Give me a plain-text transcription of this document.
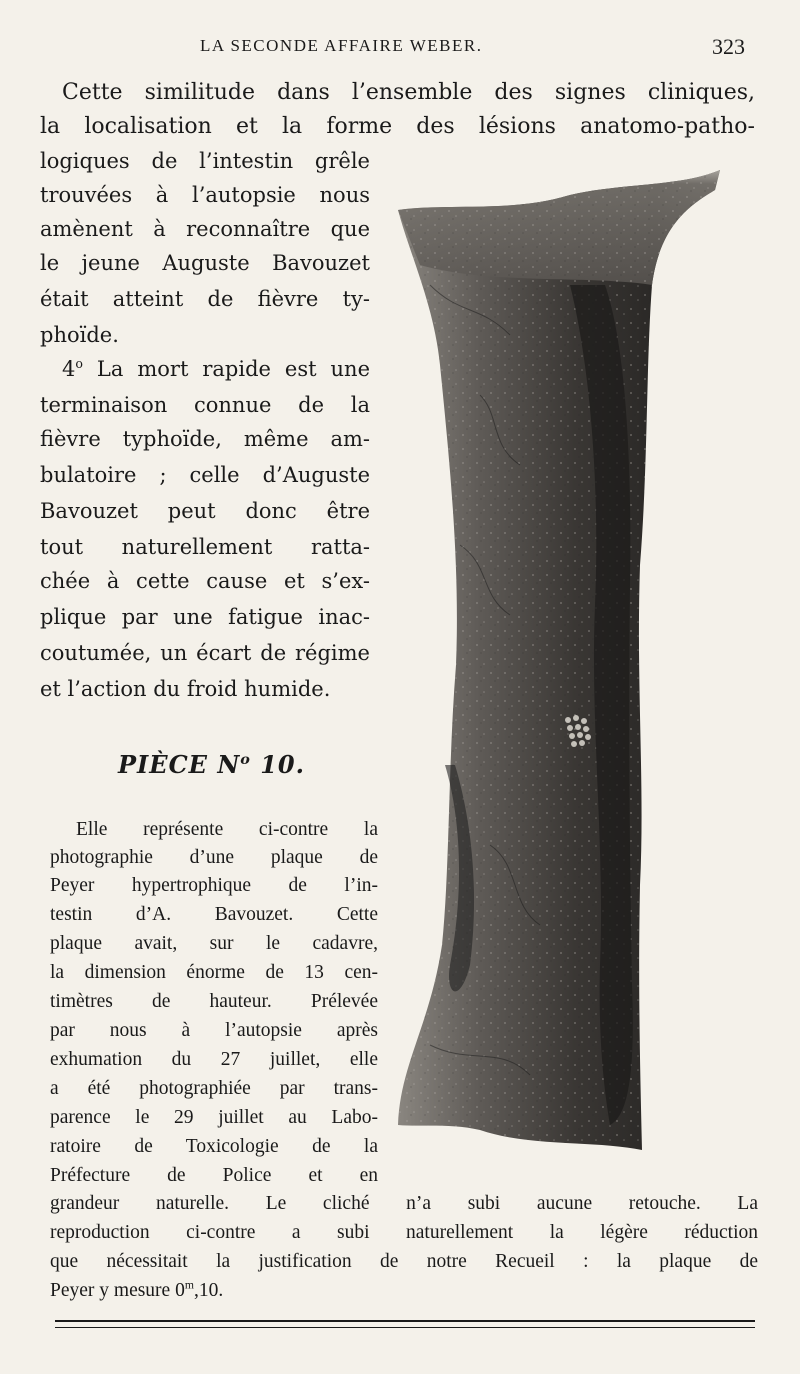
LA SECONDE AFFAIRE WEBER.	323
Cette similitude dans l’ensemble des signes cliniques,
la localisation et la forme des lésions anatomo-patho-
logiques de l’intestin grêle
trouvées à l’autopsie nous
amènent à reconnaître que
le jeune Auguste Bavouzet
était atteint de fièvre ty-
phoïde.
4$^o$ La mort rapide est une
terminaison connue de la
fièvre typhoïde, même am-
bulatoire ; celle d’Auguste
Bavouzet peut donc être
tout naturellement ratta-
chée à cette cause et s’ex-
plique par une fatigue inac-
coutumée, un écart de régime
et l’action du froid humide.
PIÈCE $N^o$ 10.
Elle représente ci-contre la
photographie d’une plaque de
Peyer hypertrophique de l’in-
testin d’A. Bavouzet. Cette
plaque avait, sur le cadavre,
la dimension énorme de 13 cen-
timètres de hauteur. Prélevée
par nous à l’autopsie après
exhumation du 27 juillet, elle
a été photographiée par trans-
parence le 29 juillet au Labo-
ratoire de Toxicologie de la
Préfecture de Police et en
grandeur naturelle. Le cliché n’a subi aucune retouche. La
reproduction ci-contre a subi naturellement la légère réduction
que nécessitait la justification de notre Recueil : la plaque de
Peyer y mesure 0$^m$,10.
